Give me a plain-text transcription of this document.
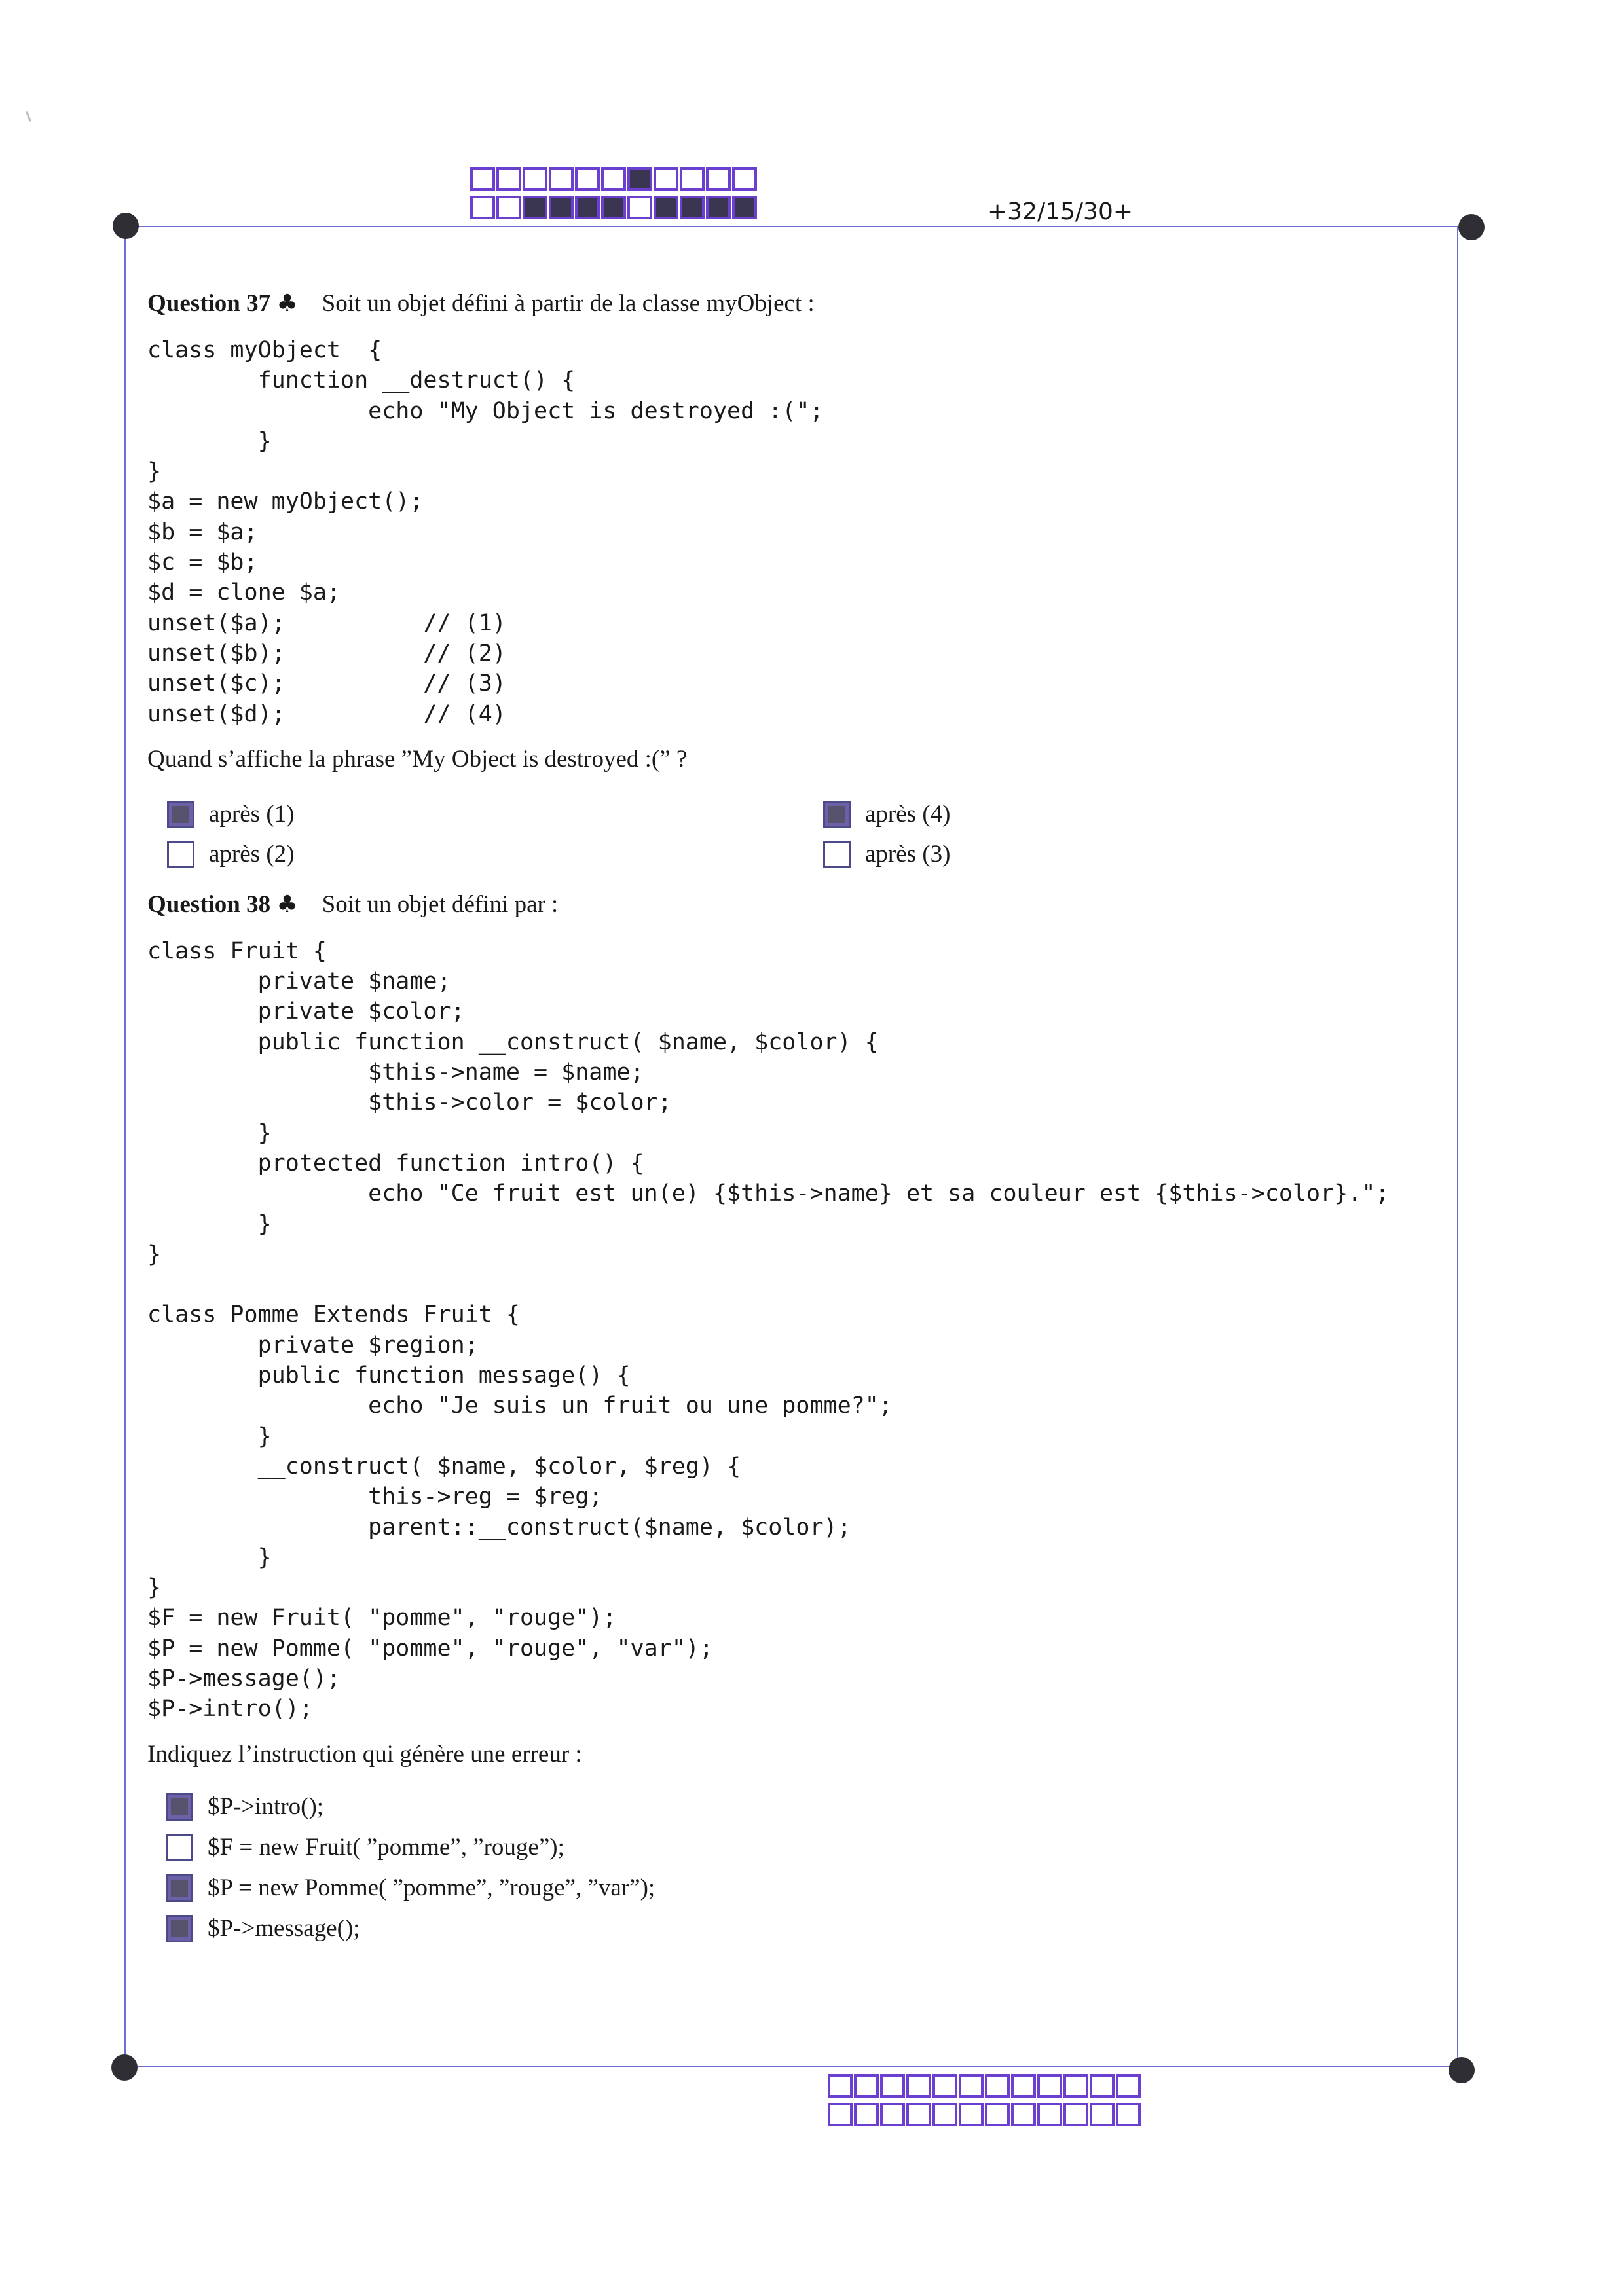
+32/15/30+
Question 37 ♣ Soit un objet défini à partir de la classe myObject :
class myObject  {
function __destruct() {
echo "My Object is destroyed :(";
}
}
$a = new myObject();
$b = $a;
$c = $b;
$d = clone $a;
unset($a);          // (1)
unset($b);          // (2)
unset($c);          // (3)
unset($d);          // (4)
Quand s’affiche la phrase ”My Object is destroyed :(” ?
après (1)	après (4)
après (2)	après (3)
Question 38 ♣ Soit un objet défini par :
class Fruit {
private $name;
private $color;
public function __construct( $name, $color) {
$this->name = $name;
$this->color = $color;
}
protected function intro() {
echo "Ce fruit est un(e) {$this->name} et sa couleur est {$this->color}.";
}
}

class Pomme Extends Fruit {
private $region;
public function message() {
echo "Je suis un fruit ou une pomme?";
}
__construct( $name, $color, $reg) {
this->reg = $reg;
parent::__construct($name, $color);
}
}
$F = new Fruit( "pomme", "rouge");
$P = new Pomme( "pomme", "rouge", "var");
$P->message();
$P->intro();
Indiquez l’instruction qui génère une erreur :
$P->intro();
$F = new Fruit( ”pomme”, ”rouge”);
$P = new Pomme( ”pomme”, ”rouge”, ”var”);
$P->message();
